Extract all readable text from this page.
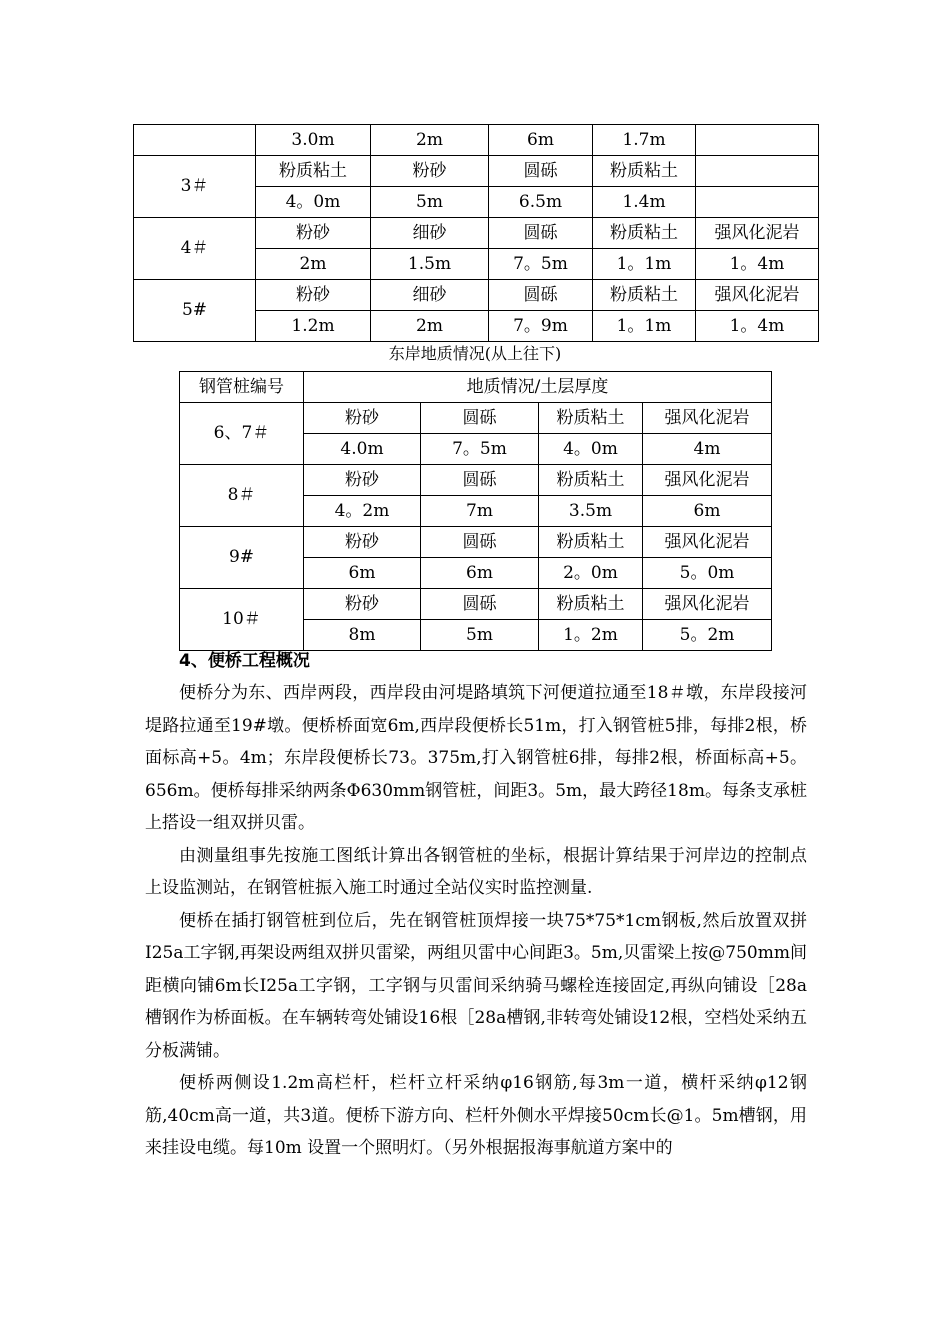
	3.0m	2m	6m	1.7m	
3＃	粉质粘土	粉砂	圆砾	粉质粘土	
	4。0m	5m	6.5m	1.4m	
4＃	粉砂	细砂	圆砾	粉质粘土	强风化泥岩
	2m	1.5m	7。5m	1。1m	1。4m
5#	粉砂	细砂	圆砾	粉质粘土	强风化泥岩
	1.2m	2m	7。9m	1。1m	1。4m
东岸地质情况(从上往下)
钢管桩编号	地质情况/土层厚度			
6、7＃	粉砂	圆砾	粉质粘土	强风化泥岩
	4.0m	7。5m	4。0m	4m
8＃	粉砂	圆砾	粉质粘土	强风化泥岩
	4。2m	7m	3.5m	6m
9#	粉砂	圆砾	粉质粘土	强风化泥岩
	6m	6m	2。0m	5。0m
10＃	粉砂	圆砾	粉质粘土	强风化泥岩
	8m	5m	1。2m	5。2m
4、便桥工程概况

便桥分为东、西岸两段，西岸段由河堤路填筑下河便道拉通至18＃墩，东岸段接河堤路拉通至19#墩。便桥桥面宽6m,西岸段便桥长51m，打入钢管桩5排，每排2根，桥面标高+5。4m；东岸段便桥长73。375m,打入钢管桩6排，每排2根，桥面标高+5。656m。便桥每排采纳两条Φ630mm钢管桩，间距3。5m，最大跨径18m。每条支承桩上搭设一组双拼贝雷。

由测量组事先按施工图纸计算出各钢管桩的坐标，根据计算结果于河岸边的控制点上设监测站，在钢管桩振入施工时通过全站仪实时监控测量.

便桥在插打钢管桩到位后，先在钢管桩顶焊接一块75*75*1cm钢板,然后放置双拼I25a工字钢,再架设两组双拼贝雷梁，两组贝雷中心间距3。5m,贝雷梁上按@750mm间距横向铺6m长I25a工字钢，工字钢与贝雷间采纳骑马螺栓连接固定,再纵向铺设［28a槽钢作为桥面板。在车辆转弯处铺设16根［28a槽钢,非转弯处铺设12根，空档处采纳五分板满铺。

便桥两侧设1.2m高栏杆，栏杆立杆采纳φ16钢筋,每3m一道，横杆采纳φ12钢筋,40cm高一道，共3道。便桥下游方向、栏杆外侧水平焊接50cm长@1。5m槽钢，用来挂设电缆。每10m 设置一个照明灯。（另外根据报海事航道方案中的
